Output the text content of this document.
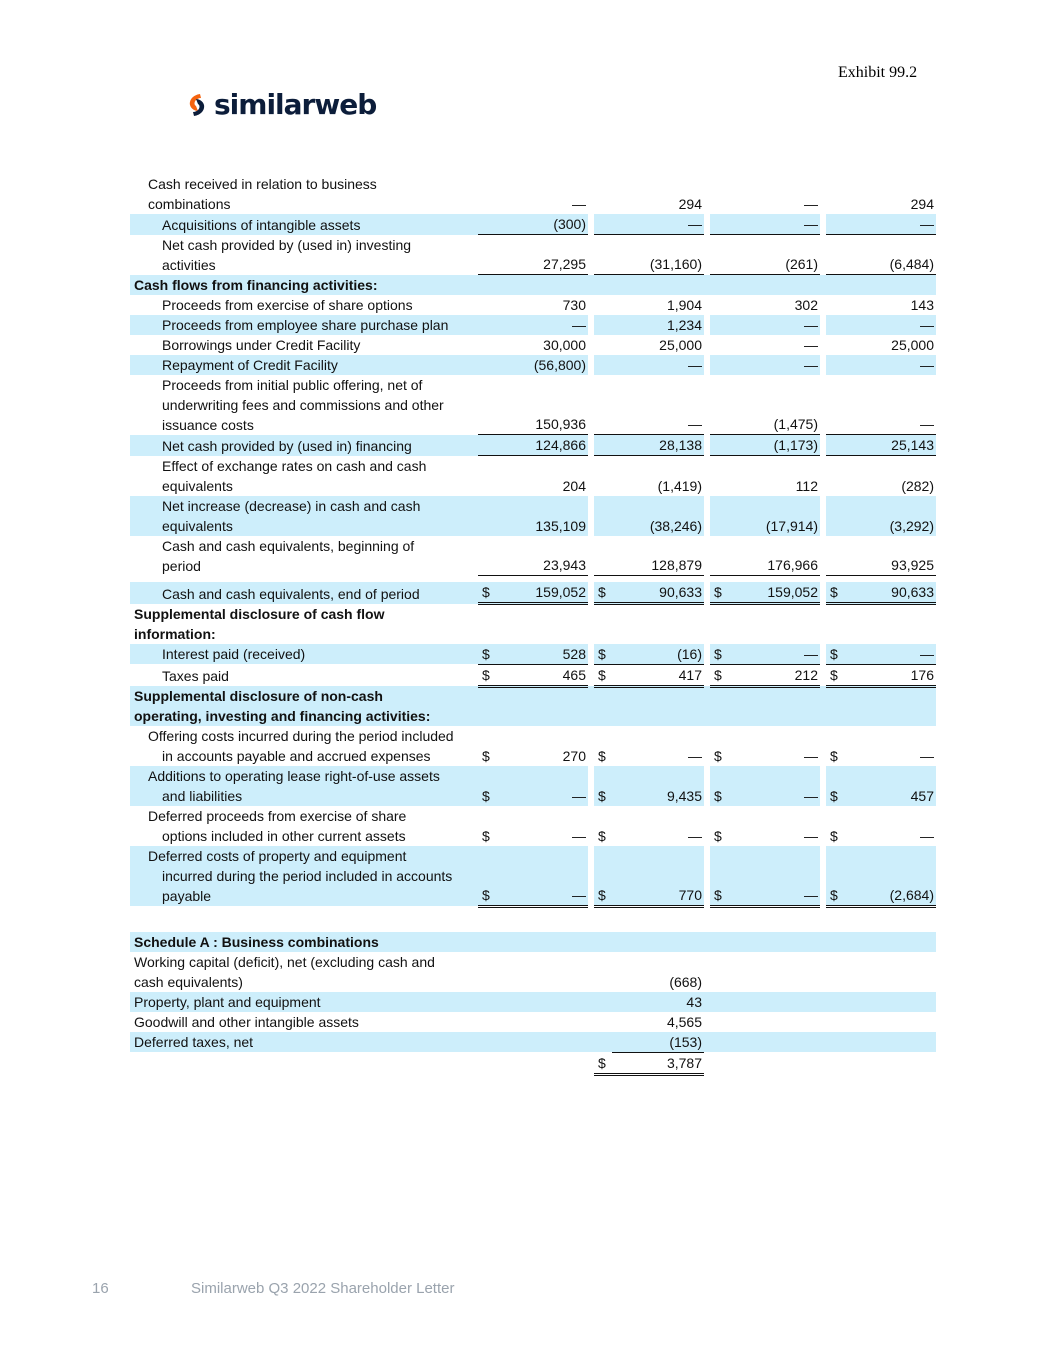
Exhibit 99.2
similarweb
Cash received in relation to business
combinations		—			294			—			294
Acquisitions of intangible assets		(300)			—			—			—

Net cash provided by (used in) investing
activities		27,295			(31,160)			(261)			(6,484)
Cash flows from financing activities:											
Proceeds from exercise of share options		730			1,904			302			143
Proceeds from employee share purchase plan		—			1,234			—			—
Borrowings under Credit Facility		30,000			25,000			—			25,000
Repayment of Credit Facility		(56,800)			—			—			—

Proceeds from initial public offering, net of
underwriting fees and commissions and other
issuance costs		150,936			—			(1,475)			—
Net cash provided by (used in) financing		124,866			28,138			(1,173)			25,143

Effect of exchange rates on cash and cash
equivalents		204			(1,419)			112			(282)

Net increase (decrease) in cash and cash
equivalents		135,109			(38,246)			(17,914)			(3,292)

Cash and cash equivalents, beginning of
period		23,943			128,879			176,966			93,925

Cash and cash equivalents, end of period	$	159,052		$	90,633		$	159,052		$	90,633

Supplemental disclosure of cash flow
information:											

Interest paid (received)	$	528		$	(16)		$	—		$	—
Taxes paid	$	465		$	417		$	212		$	176

Supplemental disclosure of non-cash
operating, investing and financing activities:											

Offering costs incurred during the period included
in accounts payable and accrued expenses	$	270		$	—		$	—		$	—

Additions to operating lease right-of-use assets
and liabilities	$	—		$	9,435		$	—		$	457

Deferred proceeds from exercise of share
options included in other current assets	$	—		$	—		$	—		$	—

Deferred costs of property and equipment
incurred during the period included in accounts
payable	$	—		$	770		$	—		$	(2,684)

Schedule A : Business combinations											

Working capital (deficit), net (excluding cash and
cash equivalents)					(668)						
Property, plant and equipment					43						
Goodwill and other intangible assets					4,565						
Deferred taxes, net					(153)						
				$	3,787						
16	Similarweb Q3 2022 Shareholder Letter
